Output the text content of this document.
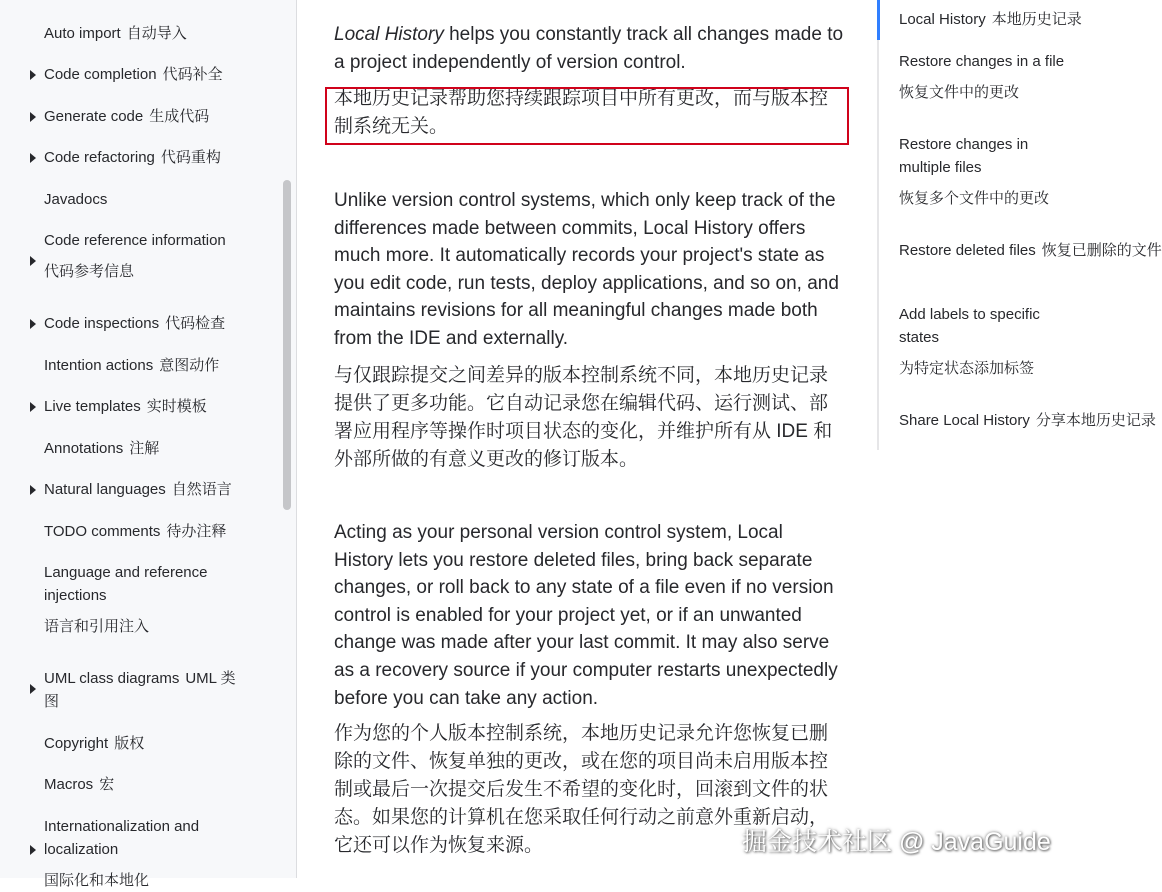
Auto import 自动导入
Code completion 代码补全
Generate code 生成代码
Code refactoring 代码重构
Javadocs
Code reference information
代码参考信息
Code inspections 代码检查
Intention actions 意图动作
Live templates 实时模板
Annotations 注解
Natural languages 自然语言
TODO comments 待办注释
Language and reference injections
语言和引用注入
UML class diagrams UML 类图
Copyright 版权
Macros 宏
Internationalization and localization
国际化和本地化

Local History helps you constantly track all changes made to a project independently of version control.

本地历史记录帮助您持续跟踪项目中所有更改，而与版本控制系统无关。

Unlike version control systems, which only keep track of the differences made between commits, Local History offers much more. It automatically records your project's state as you edit code, run tests, deploy applications, and so on, and maintains revisions for all meaningful changes made both from the IDE and externally.

与仅跟踪提交之间差异的版本控制系统不同，本地历史记录提供了更多功能。它自动记录您在编辑代码、运行测试、部署应用程序等操作时项目状态的变化，并维护所有从 IDE 和外部所做的有意义更改的修订版本。

Acting as your personal version control system, Local History lets you restore deleted files, bring back separate changes, or roll back to any state of a file even if no version control is enabled for your project yet, or if an unwanted change was made after your last commit. It may also serve as a recovery source if your computer restarts unexpectedly before you can take any action.

作为您的个人版本控制系统，本地历史记录允许您恢复已删除的文件、恢复单独的更改，或在您的项目尚未启用版本控制或最后一次提交后发生不希望的变化时，回滚到文件的状态。如果您的计算机在您采取任何行动之前意外重新启动，它还可以作为恢复来源。

Local History 本地历史记录
Restore changes in a file
恢复文件中的更改
Restore changes in multiple files
恢复多个文件中的更改
Restore deleted files 恢复已删除的文件
Add labels to specific states
为特定状态添加标签
Share Local History 分享本地历史记录
掘金技术社区 @ JavaGuide
